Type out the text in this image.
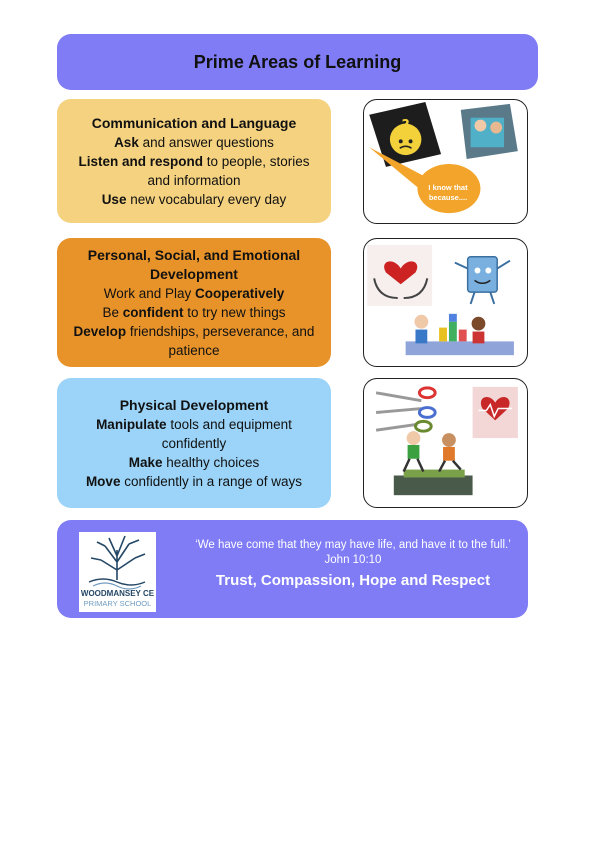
Prime Areas of Learning

Communication and Language

Ask and answer questions

Listen and respond to people, stories and information

Use new vocabulary every day

?
I know that because....

Personal, Social, and Emotional Development

Work and Play Cooperatively

Be confident to try new things

Develop friendships, perseverance, and patience

Physical Development

Manipulate tools and equipment confidently

Make healthy choices

Move confidently in a range of ways

WOODMANSEY CE
PRIMARY SCHOOL
‘We have come that they may have life, and have it to the full.’ John 10:10
Trust, Compassion, Hope and Respect
